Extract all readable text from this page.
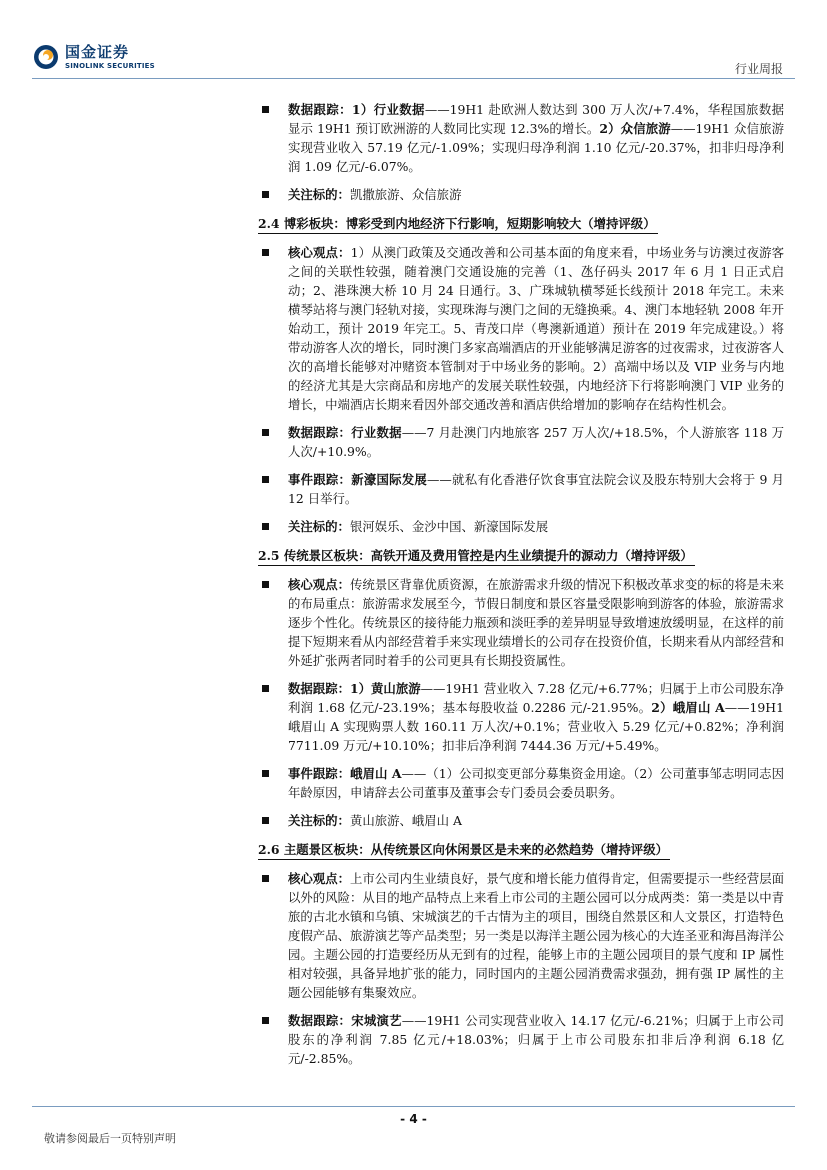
国金证券
SINOLINK SECURITIES	行业周报
数据跟踪：1）行业数据——19H1 赴欧洲人数达到 300 万人次/+7.4%，华程国旅数据显示 19H1 预订欧洲游的人数同比实现 12.3%的增长。2）众信旅游——19H1 众信旅游实现营业收入 57.19 亿元/-1.09%；实现归母净利润 1.10 亿元/-20.37%，扣非归母净利润 1.09 亿元/-6.07%。
关注标的：凯撒旅游、众信旅游
2.4 博彩板块：博彩受到内地经济下行影响，短期影响较大（增持评级）
核心观点：1）从澳门政策及交通改善和公司基本面的角度来看，中场业务与访澳过夜游客之间的关联性较强，随着澳门交通设施的完善（1、氹仔码头 2017 年 6 月 1 日正式启动；2、港珠澳大桥 10 月 24 日通行。3、广珠城轨横琴延长线预计 2018 年完工。未来横琴站将与澳门轻轨对接，实现珠海与澳门之间的无缝换乘。4、澳门本地轻轨 2008 年开始动工，预计 2019 年完工。5、青茂口岸（粤澳新通道）预计在 2019 年完成建设。）将带动游客人次的增长，同时澳门多家高端酒店的开业能够满足游客的过夜需求，过夜游客人次的高增长能够对冲赌资本管制对于中场业务的影响。2）高端中场以及 VIP 业务与内地的经济尤其是大宗商品和房地产的发展关联性较强，内地经济下行将影响澳门 VIP 业务的增长，中端酒店长期来看因外部交通改善和酒店供给增加的影响存在结构性机会。
数据跟踪：行业数据——7 月赴澳门内地旅客 257 万人次/+18.5%，个人游旅客 118 万人次/+10.9%。
事件跟踪：新濠国际发展——就私有化香港仔饮食事宜法院会议及股东特别大会将于 9 月 12 日举行。
关注标的：银河娱乐、金沙中国、新濠国际发展
2.5 传统景区板块：高铁开通及费用管控是内生业绩提升的源动力（增持评级）
核心观点：传统景区背靠优质资源，在旅游需求升级的情况下积极改革求变的标的将是未来的布局重点：旅游需求发展至今，节假日制度和景区容量受限影响到游客的体验，旅游需求逐步个性化。传统景区的接待能力瓶颈和淡旺季的差异明显导致增速放缓明显，在这样的前提下短期来看从内部经营着手来实现业绩增长的公司存在投资价值，长期来看从内部经营和外延扩张两者同时着手的公司更具有长期投资属性。
数据跟踪：1）黄山旅游——19H1 营业收入 7.28 亿元/+6.77%；归属于上市公司股东净利润 1.68 亿元/-23.19%；基本每股收益 0.2286 元/-21.95%。2）峨眉山 A——19H1 峨眉山 A 实现购票人数 160.11 万人次/+0.1%；营业收入 5.29 亿元/+0.82%；净利润 7711.09 万元/+10.10%；扣非后净利润 7444.36 万元/+5.49%。
事件跟踪：峨眉山 A——（1）公司拟变更部分募集资金用途。（2）公司董事邹志明同志因年龄原因，申请辞去公司董事及董事会专门委员会委员职务。
关注标的：黄山旅游、峨眉山 A
2.6 主题景区板块：从传统景区向休闲景区是未来的必然趋势（增持评级）
核心观点：上市公司内生业绩良好，景气度和增长能力值得肯定，但需要提示一些经营层面以外的风险：从目的地产品特点上来看上市公司的主题公园可以分成两类：第一类是以中青旅的古北水镇和乌镇、宋城演艺的千古情为主的项目，围绕自然景区和人文景区，打造特色度假产品、旅游演艺等产品类型；另一类是以海洋主题公园为核心的大连圣亚和海昌海洋公园。主题公园的打造要经历从无到有的过程，能够上市的主题公园项目的景气度和 IP 属性相对较强，具备异地扩张的能力，同时国内的主题公园消费需求强劲，拥有强 IP 属性的主题公园能够有集聚效应。
数据跟踪：宋城演艺——19H1 公司实现营业收入 14.17 亿元/-6.21%；归属于上市公司股东的净利润 7.85 亿元/+18.03%；归属于上市公司股东扣非后净利润 6.18 亿元/-2.85%。
- 4 -
敬请参阅最后一页特别声明
